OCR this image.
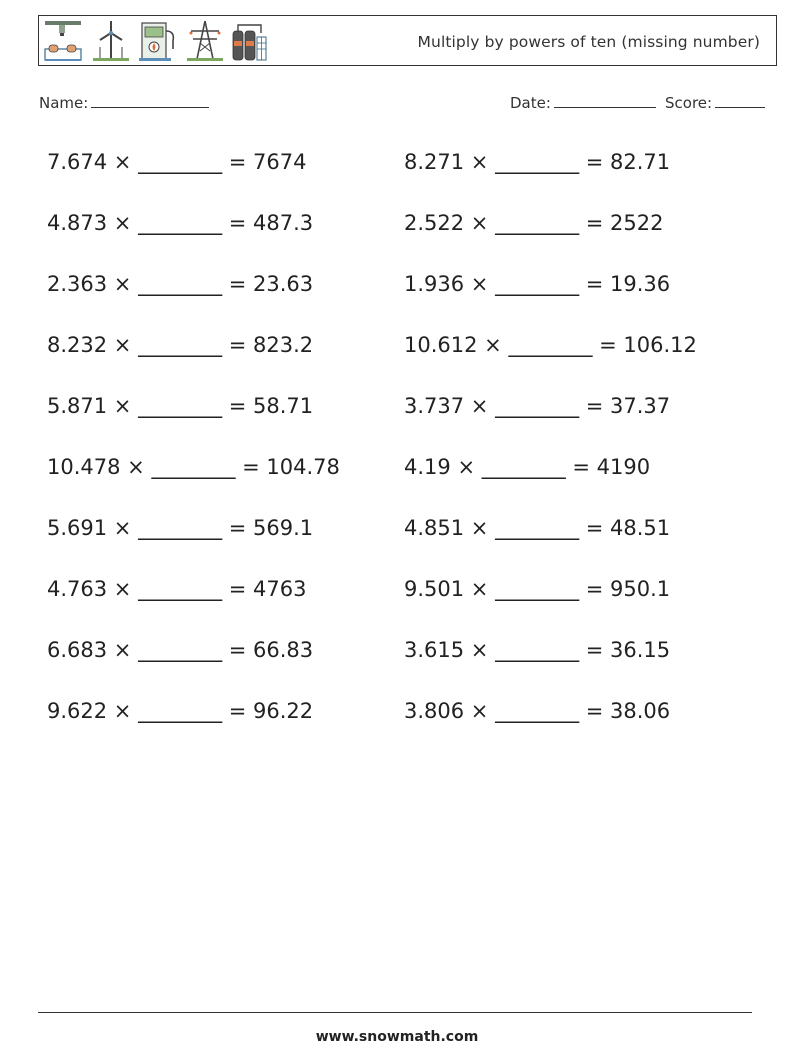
Multiply by powers of ten (missing number)
Name:	Date:	Score:
7.674 × ________ = 7674
4.873 × ________ = 487.3
2.363 × ________ = 23.63
8.232 × ________ = 823.2
5.871 × ________ = 58.71
10.478 × ________ = 104.78
5.691 × ________ = 569.1
4.763 × ________ = 4763
6.683 × ________ = 66.83
9.622 × ________ = 96.22
8.271 × ________ = 82.71
2.522 × ________ = 2522
1.936 × ________ = 19.36
10.612 × ________ = 106.12
3.737 × ________ = 37.37
4.19 × ________ = 4190
4.851 × ________ = 48.51
9.501 × ________ = 950.1
3.615 × ________ = 36.15
3.806 × ________ = 38.06
www.snowmath.com
